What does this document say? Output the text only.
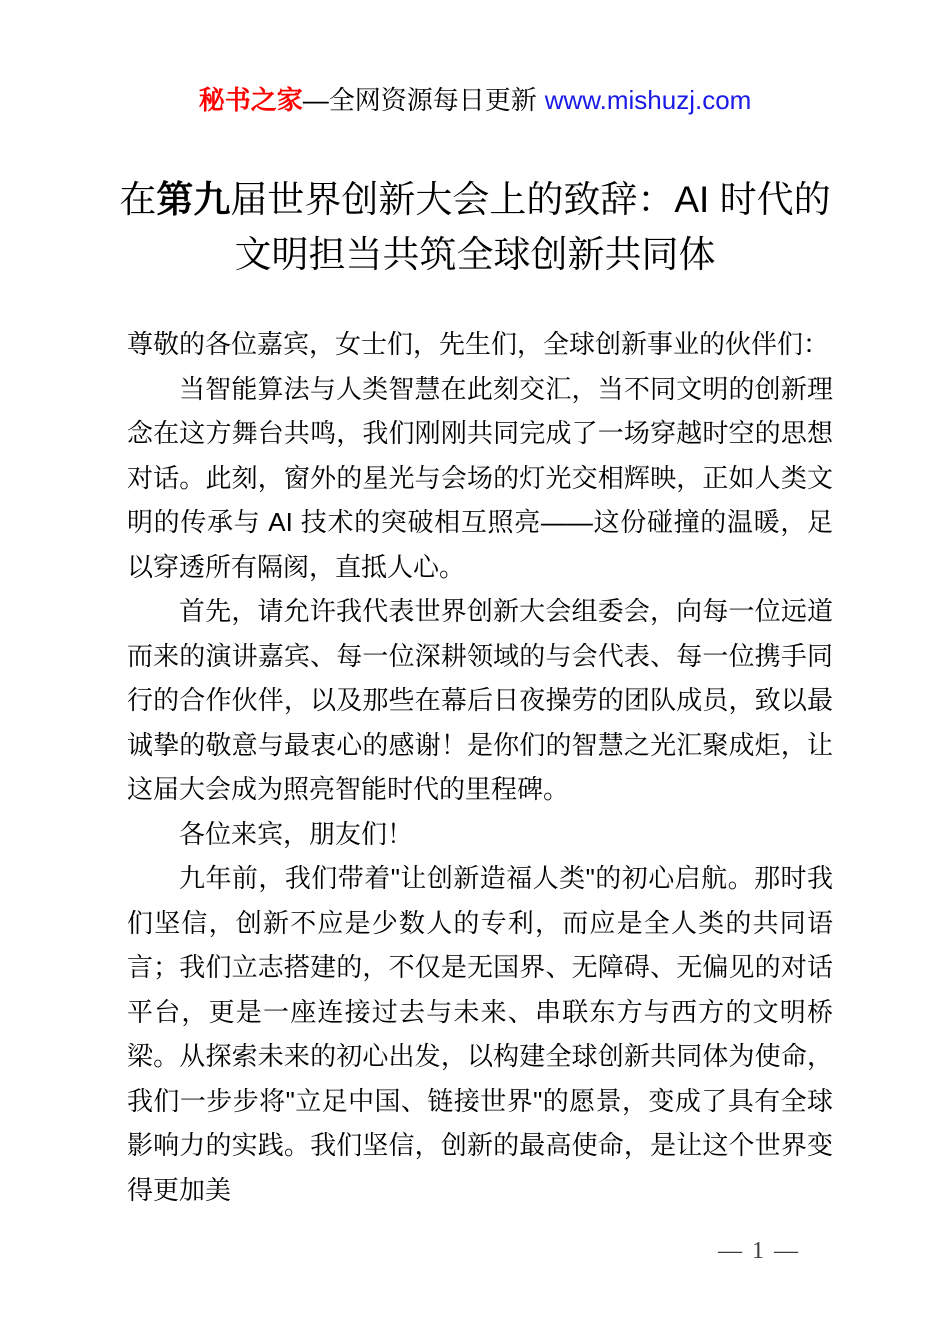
秘书之家—全网资源每日更新 www.mishuzj.com
在第九届世界创新大会上的致辞：AI 时代的文明担当共筑全球创新共同体

尊敬的各位嘉宾，女士们，先生们，全球创新事业的伙伴们：

当智能算法与人类智慧在此刻交汇，当不同文明的创新理念在这方舞台共鸣，我们刚刚共同完成了一场穿越时空的思想对话。此刻，窗外的星光与会场的灯光交相辉映，正如人类文明的传承与 AI 技术的突破相互照亮——这份碰撞的温暖，足以穿透所有隔阂，直抵人心。

首先，请允许我代表世界创新大会组委会，向每一位远道而来的演讲嘉宾、每一位深耕领域的与会代表、每一位携手同行的合作伙伴，以及那些在幕后日夜操劳的团队成员，致以最诚挚的敬意与最衷心的感谢！是你们的智慧之光汇聚成炬，让这届大会成为照亮智能时代的里程碑。

各位来宾，朋友们！

九年前，我们带着"让创新造福人类"的初心启航。那时我们坚信，创新不应是少数人的专利，而应是全人类的共同语言；我们立志搭建的，不仅是无国界、无障碍、无偏见的对话平台，更是一座连接过去与未来、串联东方与西方的文明桥梁。从探索未来的初心出发，以构建全球创新共同体为使命，我们一步步将"立足中国、链接世界"的愿景，变成了具有全球影响力的实践。我们坚信，创新的最高使命，是让这个世界变得更加美

— 1 —
